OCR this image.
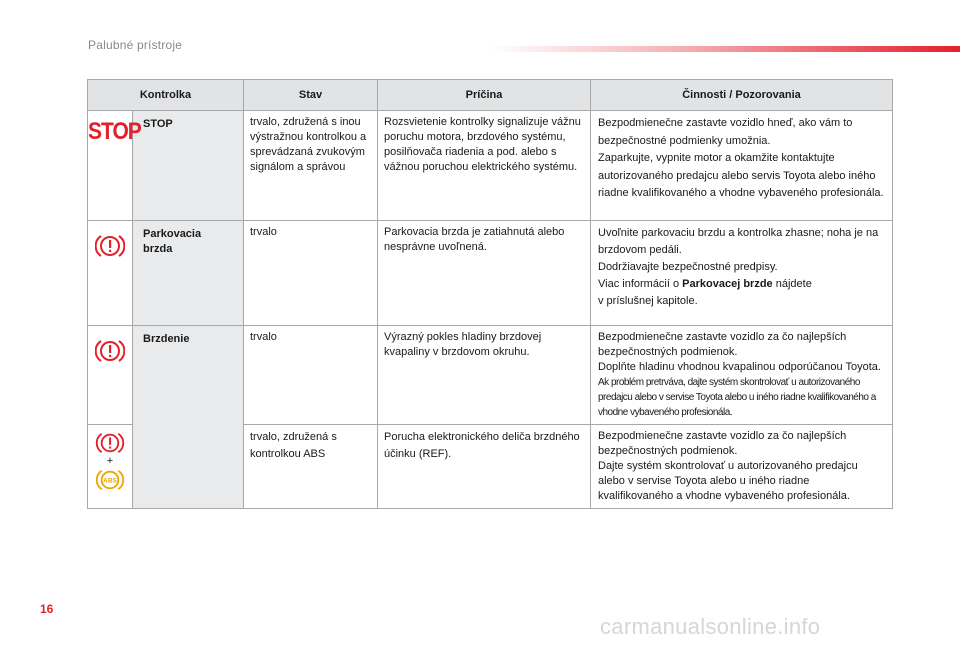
Palubné prístroje
Kontrolka		Stav	Príčina	Činnosti / Pozorovania
STOP	STOP	trvalo, združená s inou výstražnou kontrolkou a sprevádzaná zvukovým signálom a správou	Rozsvietenie kontrolky signalizuje vážnu poruchu motora, brzdového systému, posilňovača riadenia a pod. alebo s vážnou poruchou elektrického systému.	Bezpodmienečne zastavte vozidlo hneď, ako vám to bezpečnostné podmienky umožnia.
Zaparkujte, vypnite motor a okamžite kontaktujte autorizovaného predajcu alebo servis Toyota alebo iného riadne kvalifikovaného a vhodne vybaveného profesionála.
	Parkovacia brzda	trvalo	Parkovacia brzda je zatiahnutá alebo nesprávne uvoľnená.	Uvoľnite parkovaciu brzdu a kontrolka zhasne; noha je na brzdovom pedáli.
Dodržiavajte bezpečnostné predpisy.
Viac informácií o Parkovacej brzde nájdete
v príslušnej kapitole.
	Brzdenie	trvalo	Výrazný pokles hladiny brzdovej kvapaliny v brzdovom okruhu.	Bezpodmienečne zastavte vozidlo za čo najlepších bezpečnostných podmienok.
Doplňte hladinu vhodnou kvapalinou odporúčanou Toyota.
Ak problém pretrváva, dajte systém skontrolovať u autorizovaného predajcu alebo v servise Toyota alebo u iného riadne kvalifikovaného a vhodne vybaveného profesionála.

+
ABS		trvalo, združená s kontrolkou ABS	Porucha elektronického deliča brzdného účinku (REF).	Bezpodmienečne zastavte vozidlo za čo najlepších bezpečnostných podmienok.
Dajte systém skontrolovať u autorizovaného predajcu alebo v servise Toyota alebo u iného riadne kvalifikovaného a vhodne vybaveného profesionála.
16
carmanualsonline.info
